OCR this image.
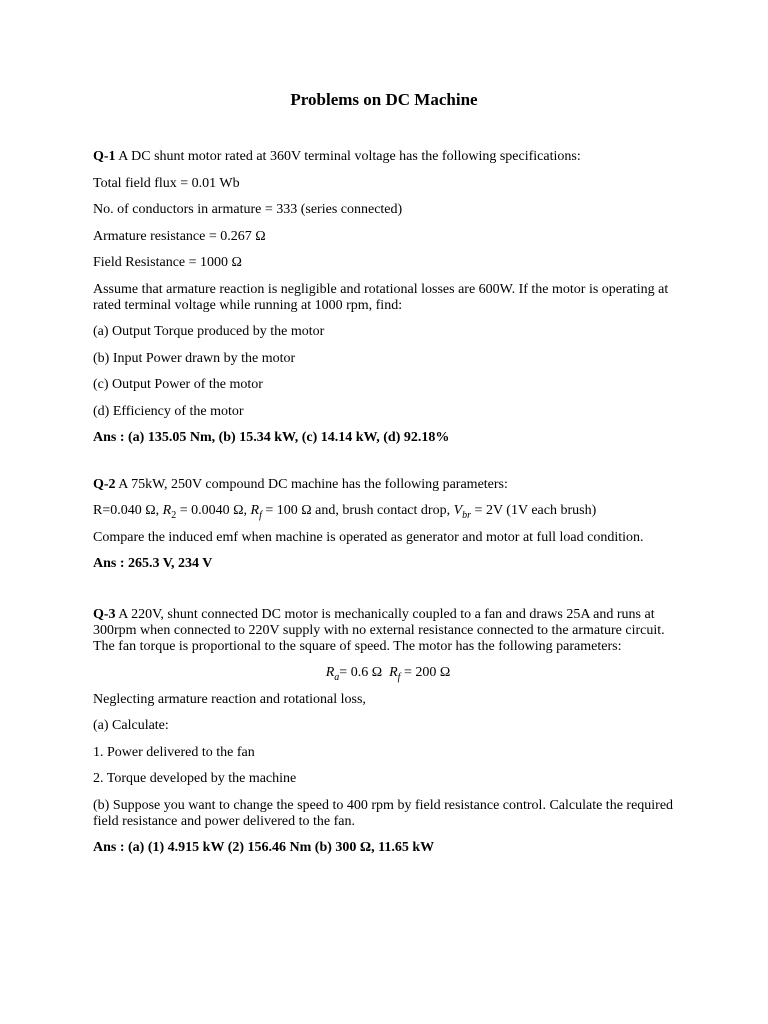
Problems on DC Machine

Q-1 A DC shunt motor rated at 360V terminal voltage has the following specifications:

Total field flux = 0.01 Wb

No. of conductors in armature = 333 (series connected)

Armature resistance = 0.267 Ω

Field Resistance = 1000 Ω

Assume that armature reaction is negligible and rotational losses are 600W. If the motor is operating at rated terminal voltage while running at 1000 rpm, find:

(a) Output Torque produced by the motor

(b) Input Power drawn by the motor

(c) Output Power of the motor

(d) Efficiency of the motor

Ans : (a) 135.05 Nm, (b) 15.34 kW, (c) 14.14 kW, (d) 92.18%

Q-2 A 75kW, 250V compound DC machine has the following parameters:

R=0.040 Ω, $R_2 = 0.0040$ Ω, $R_f = 100$ Ω and, brush contact drop, $V_{br} = 2V$ (1V each brush)

Compare the induced emf when machine is operated as generator and motor at full load condition.

Ans : 265.3 V, 234 V

Q-3 A 220V, shunt connected DC motor is mechanically coupled to a fan and draws 25A and runs at 300rpm when connected to 220V supply with no external resistance connected to the armature circuit. The fan torque is proportional to the square of speed. The motor has the following parameters:

$R_a= 0.6$ Ω  $R_f = 200$ Ω

Neglecting armature reaction and rotational loss,

(a) Calculate:

1. Power delivered to the fan

2. Torque developed by the machine

(b) Suppose you want to change the speed to 400 rpm by field resistance control. Calculate the required field resistance and power delivered to the fan.

Ans : (a) (1) 4.915 kW (2) 156.46 Nm (b) 300 Ω, 11.65 kW
